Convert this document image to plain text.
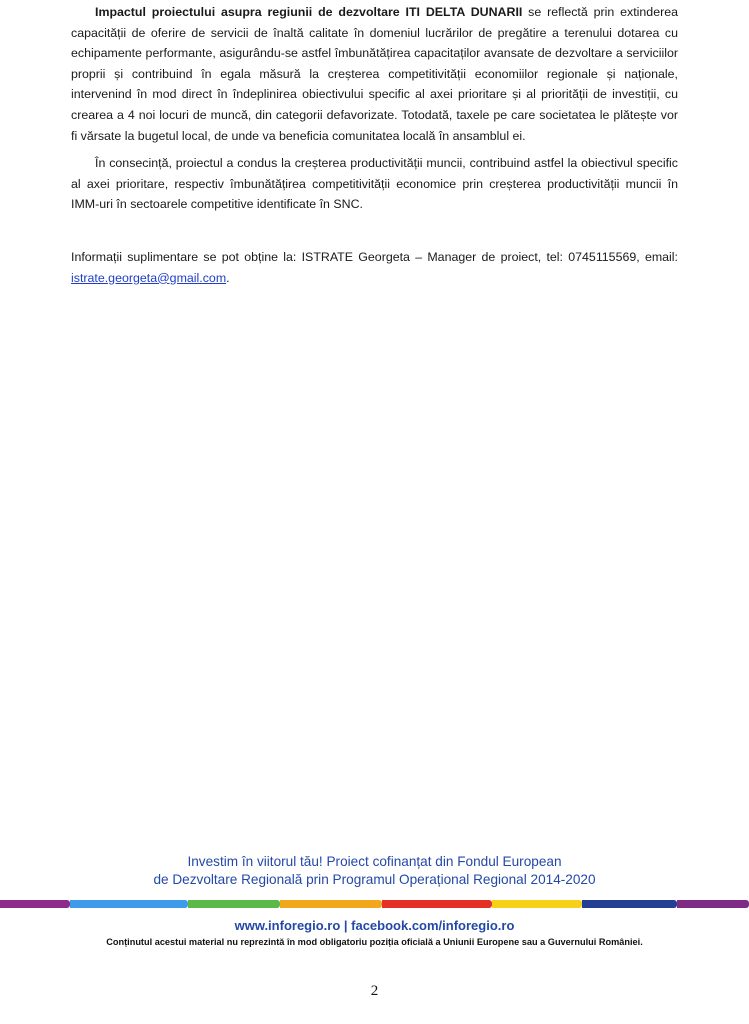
Impactul proiectului asupra regiunii de dezvoltare ITI DELTA DUNARII se reflectă prin extinderea capacității de oferire de servicii de înaltă calitate în domeniul lucrărilor de pregătire a terenului dotarea cu echipamente performante, asigurându-se astfel îmbunătățirea capacitaților avansate de dezvoltare a serviciilor proprii și contribuind în egala măsură la creșterea competitivității economiilor regionale și naționale, intervenind în mod direct în îndeplinirea obiectivului specific al axei prioritare și al priorității de investiții, cu crearea a 4 noi locuri de muncă, din categorii defavorizate. Totodată, taxele pe care societatea le plătește vor fi vărsate la bugetul local, de unde va beneficia comunitatea locală în ansamblul ei.

În consecință, proiectul a condus la creșterea productivității muncii, contribuind astfel la obiectivul specific al axei prioritare, respectiv îmbunătățirea competitivității economice prin creșterea productivității muncii în IMM-uri în sectoarele competitive identificate în SNC.

Informații suplimentare se pot obține la: ISTRATE Georgeta – Manager de proiect, tel: 0745115569, email: istrate.georgeta@gmail.com.

Investim în viitorul tău! Proiect cofinanțat din Fondul European
de Dezvoltare Regională prin Programul Operațional Regional 2014-2020
www.inforegio.ro | facebook.com/inforegio.ro
Conținutul acestui material nu reprezintă în mod obligatoriu poziția oficială a Uniunii Europene sau a Guvernului României.
2
